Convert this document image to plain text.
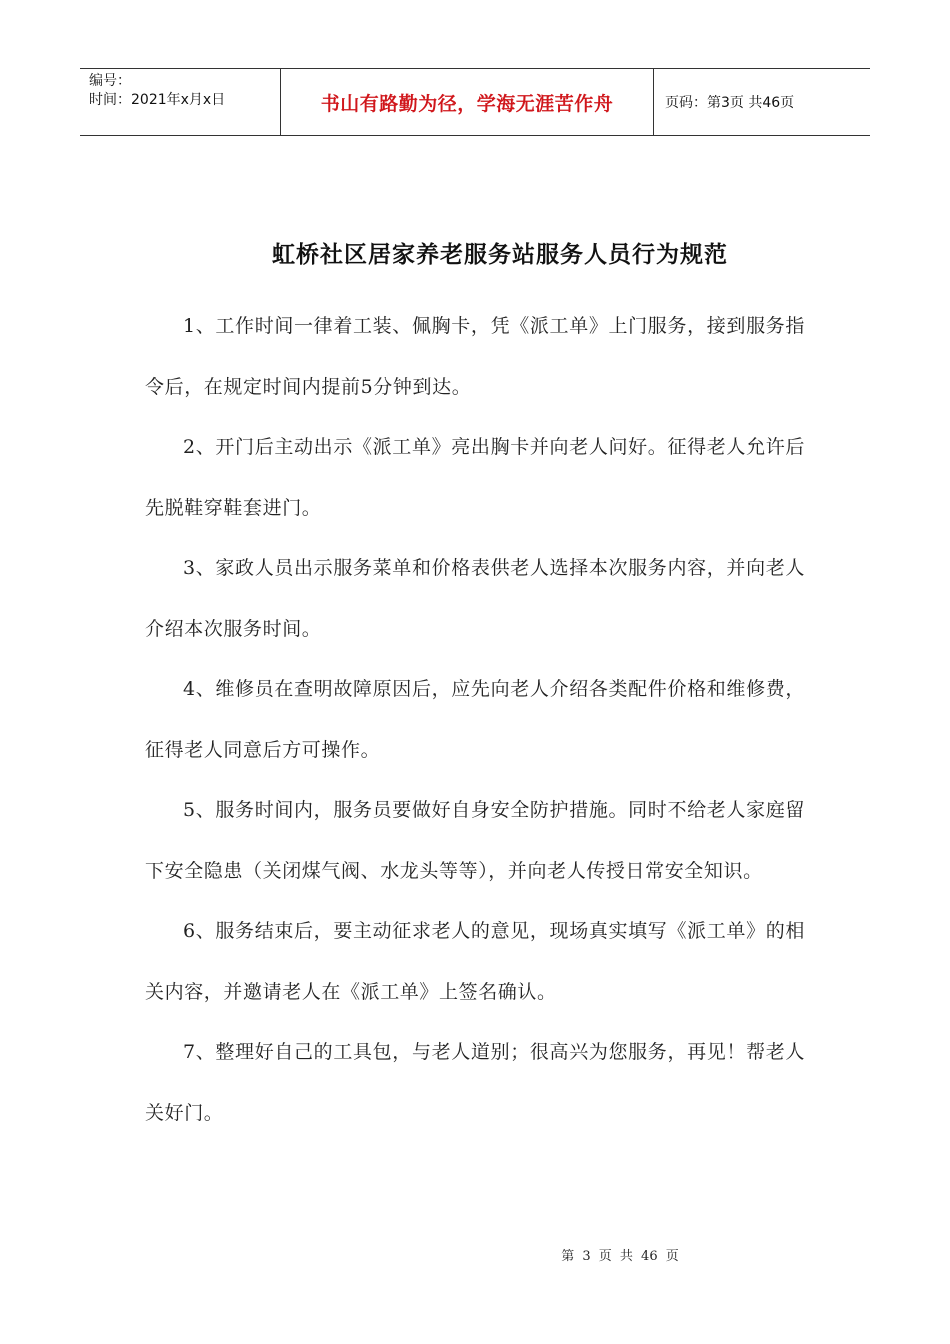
编号：
时间：2021年x月x日	书山有路勤为径，学海无涯苦作舟	页码：第3页 共46页
虹桥社区居家养老服务站服务人员行为规范

1、工作时间一律着工装、佩胸卡，凭《派工单》上门服务，接到服务指令后，在规定时间内提前5分钟到达。

2、开门后主动出示《派工单》亮出胸卡并向老人问好。征得老人允许后先脱鞋穿鞋套进门。

3、家政人员出示服务菜单和价格表供老人选择本次服务内容，并向老人介绍本次服务时间。

4、维修员在查明故障原因后，应先向老人介绍各类配件价格和维修费，征得老人同意后方可操作。

5、服务时间内，服务员要做好自身安全防护措施。同时不给老人家庭留下安全隐患（关闭煤气阀、水龙头等等），并向老人传授日常安全知识。

6、服务结束后，要主动征求老人的意见，现场真实填写《派工单》的相关内容，并邀请老人在《派工单》上签名确认。

7、整理好自己的工具包，与老人道别；很高兴为您服务，再见！帮老人关好门。

第 3 页 共 46 页
